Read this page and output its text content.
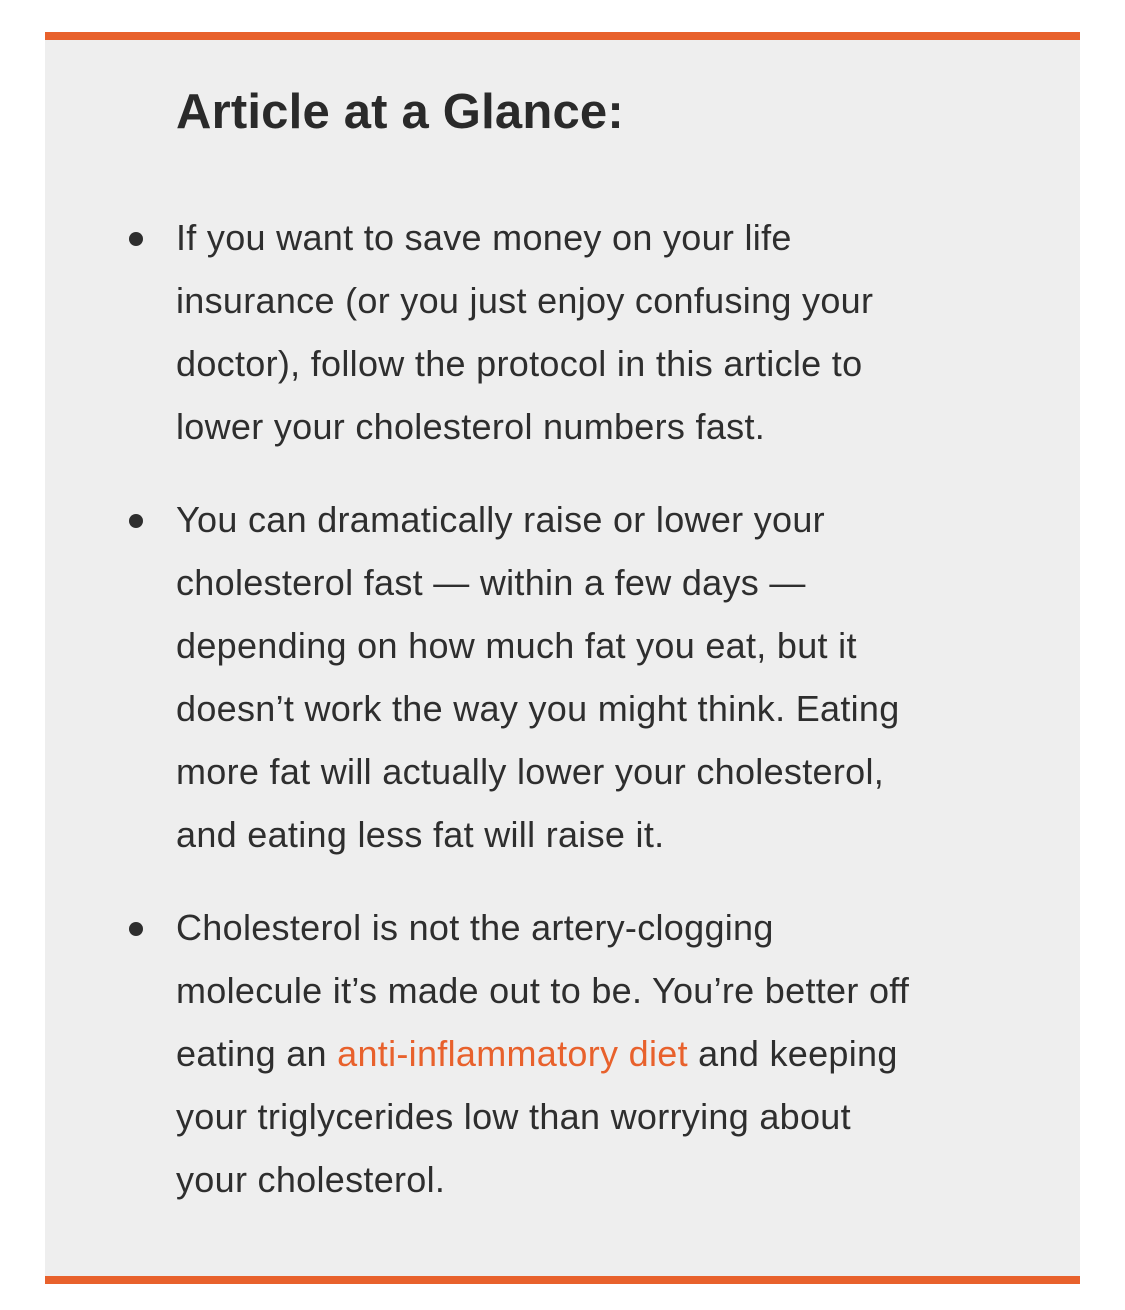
Article at a Glance:
If you want to save money on your life
insurance (or you just enjoy confusing your
doctor), follow the protocol in this article to
lower your cholesterol numbers fast.
You can dramatically raise or lower your
cholesterol fast — within a few days —
depending on how much fat you eat, but it
doesn’t work the way you might think. Eating
more fat will actually lower your cholesterol,
and eating less fat will raise it.
Cholesterol is not the artery-clogging
molecule it’s made out to be. You’re better off
eating an anti-inflammatory diet and keeping
your triglycerides low than worrying about
your cholesterol.
